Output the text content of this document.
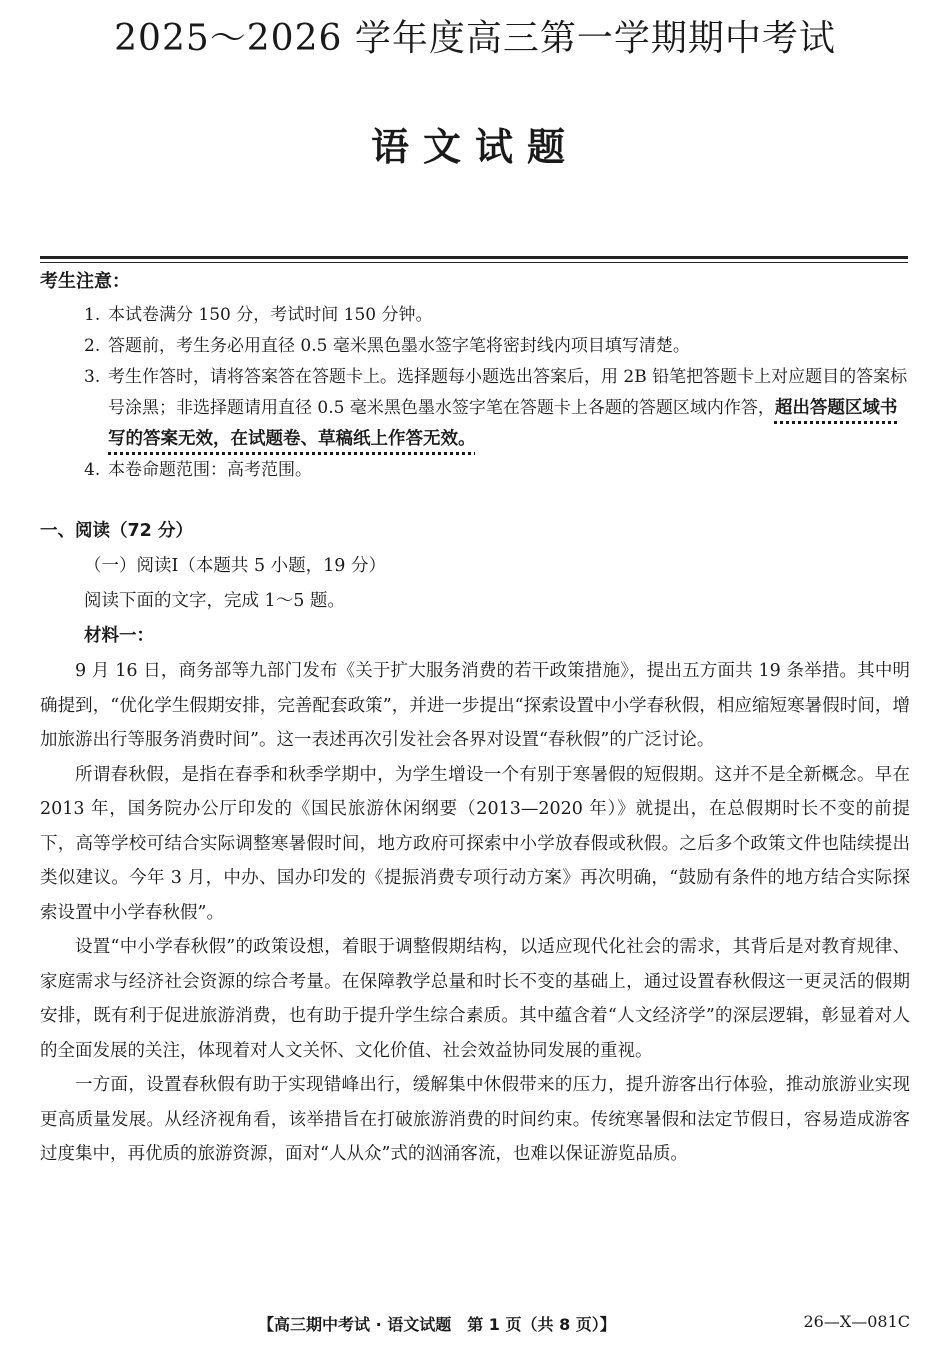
2025～2026 学年度高三第一学期期中考试
语文试题
考生注意：
1. 本试卷满分 150 分，考试时间 150 分钟。
2. 答题前，考生务必用直径 0.5 毫米黑色墨水签字笔将密封线内项目填写清楚。
3. 考生作答时，请将答案答在答题卡上。选择题每小题选出答案后，用 2B 铅笔把答题卡上对应题目的答案标号涂黑；非选择题请用直径 0.5 毫米黑色墨水签字笔在答题卡上各题的答题区域内作答，超出答题区域书写的答案无效，在试题卷、草稿纸上作答无效。
4. 本卷命题范围：高考范围。
一、阅读（72 分）
（一）阅读Ⅰ（本题共 5 小题，19 分）
阅读下面的文字，完成 1～5 题。
材料一：

9 月 16 日，商务部等九部门发布《关于扩大服务消费的若干政策措施》，提出五方面共 19 条举措。其中明确提到，“优化学生假期安排，完善配套政策”，并进一步提出“探索设置中小学春秋假，相应缩短寒暑假时间，增加旅游出行等服务消费时间”。这一表述再次引发社会各界对设置“春秋假”的广泛讨论。

所谓春秋假，是指在春季和秋季学期中，为学生增设一个有别于寒暑假的短假期。这并不是全新概念。早在 2013 年，国务院办公厅印发的《国民旅游休闲纲要（2013—2020 年）》就提出，在总假期时长不变的前提下，高等学校可结合实际调整寒暑假时间，地方政府可探索中小学放春假或秋假。之后多个政策文件也陆续提出类似建议。今年 3 月，中办、国办印发的《提振消费专项行动方案》再次明确，“鼓励有条件的地方结合实际探索设置中小学春秋假”。

设置“中小学春秋假”的政策设想，着眼于调整假期结构，以适应现代化社会的需求，其背后是对教育规律、家庭需求与经济社会资源的综合考量。在保障教学总量和时长不变的基础上，通过设置春秋假这一更灵活的假期安排，既有利于促进旅游消费，也有助于提升学生综合素质。其中蕴含着“人文经济学”的深层逻辑，彰显着对人的全面发展的关注，体现着对人文关怀、文化价值、社会效益协同发展的重视。

一方面，设置春秋假有助于实现错峰出行，缓解集中休假带来的压力，提升游客出行体验，推动旅游业实现更高质量发展。从经济视角看，该举措旨在打破旅游消费的时间约束。传统寒暑假和法定节假日，容易造成游客过度集中，再优质的旅游资源，面对“人从众”式的汹涌客流，也难以保证游览品质。

【高三期中考试 · 语文试题　第 1 页（共 8 页）】	26—X—081C
